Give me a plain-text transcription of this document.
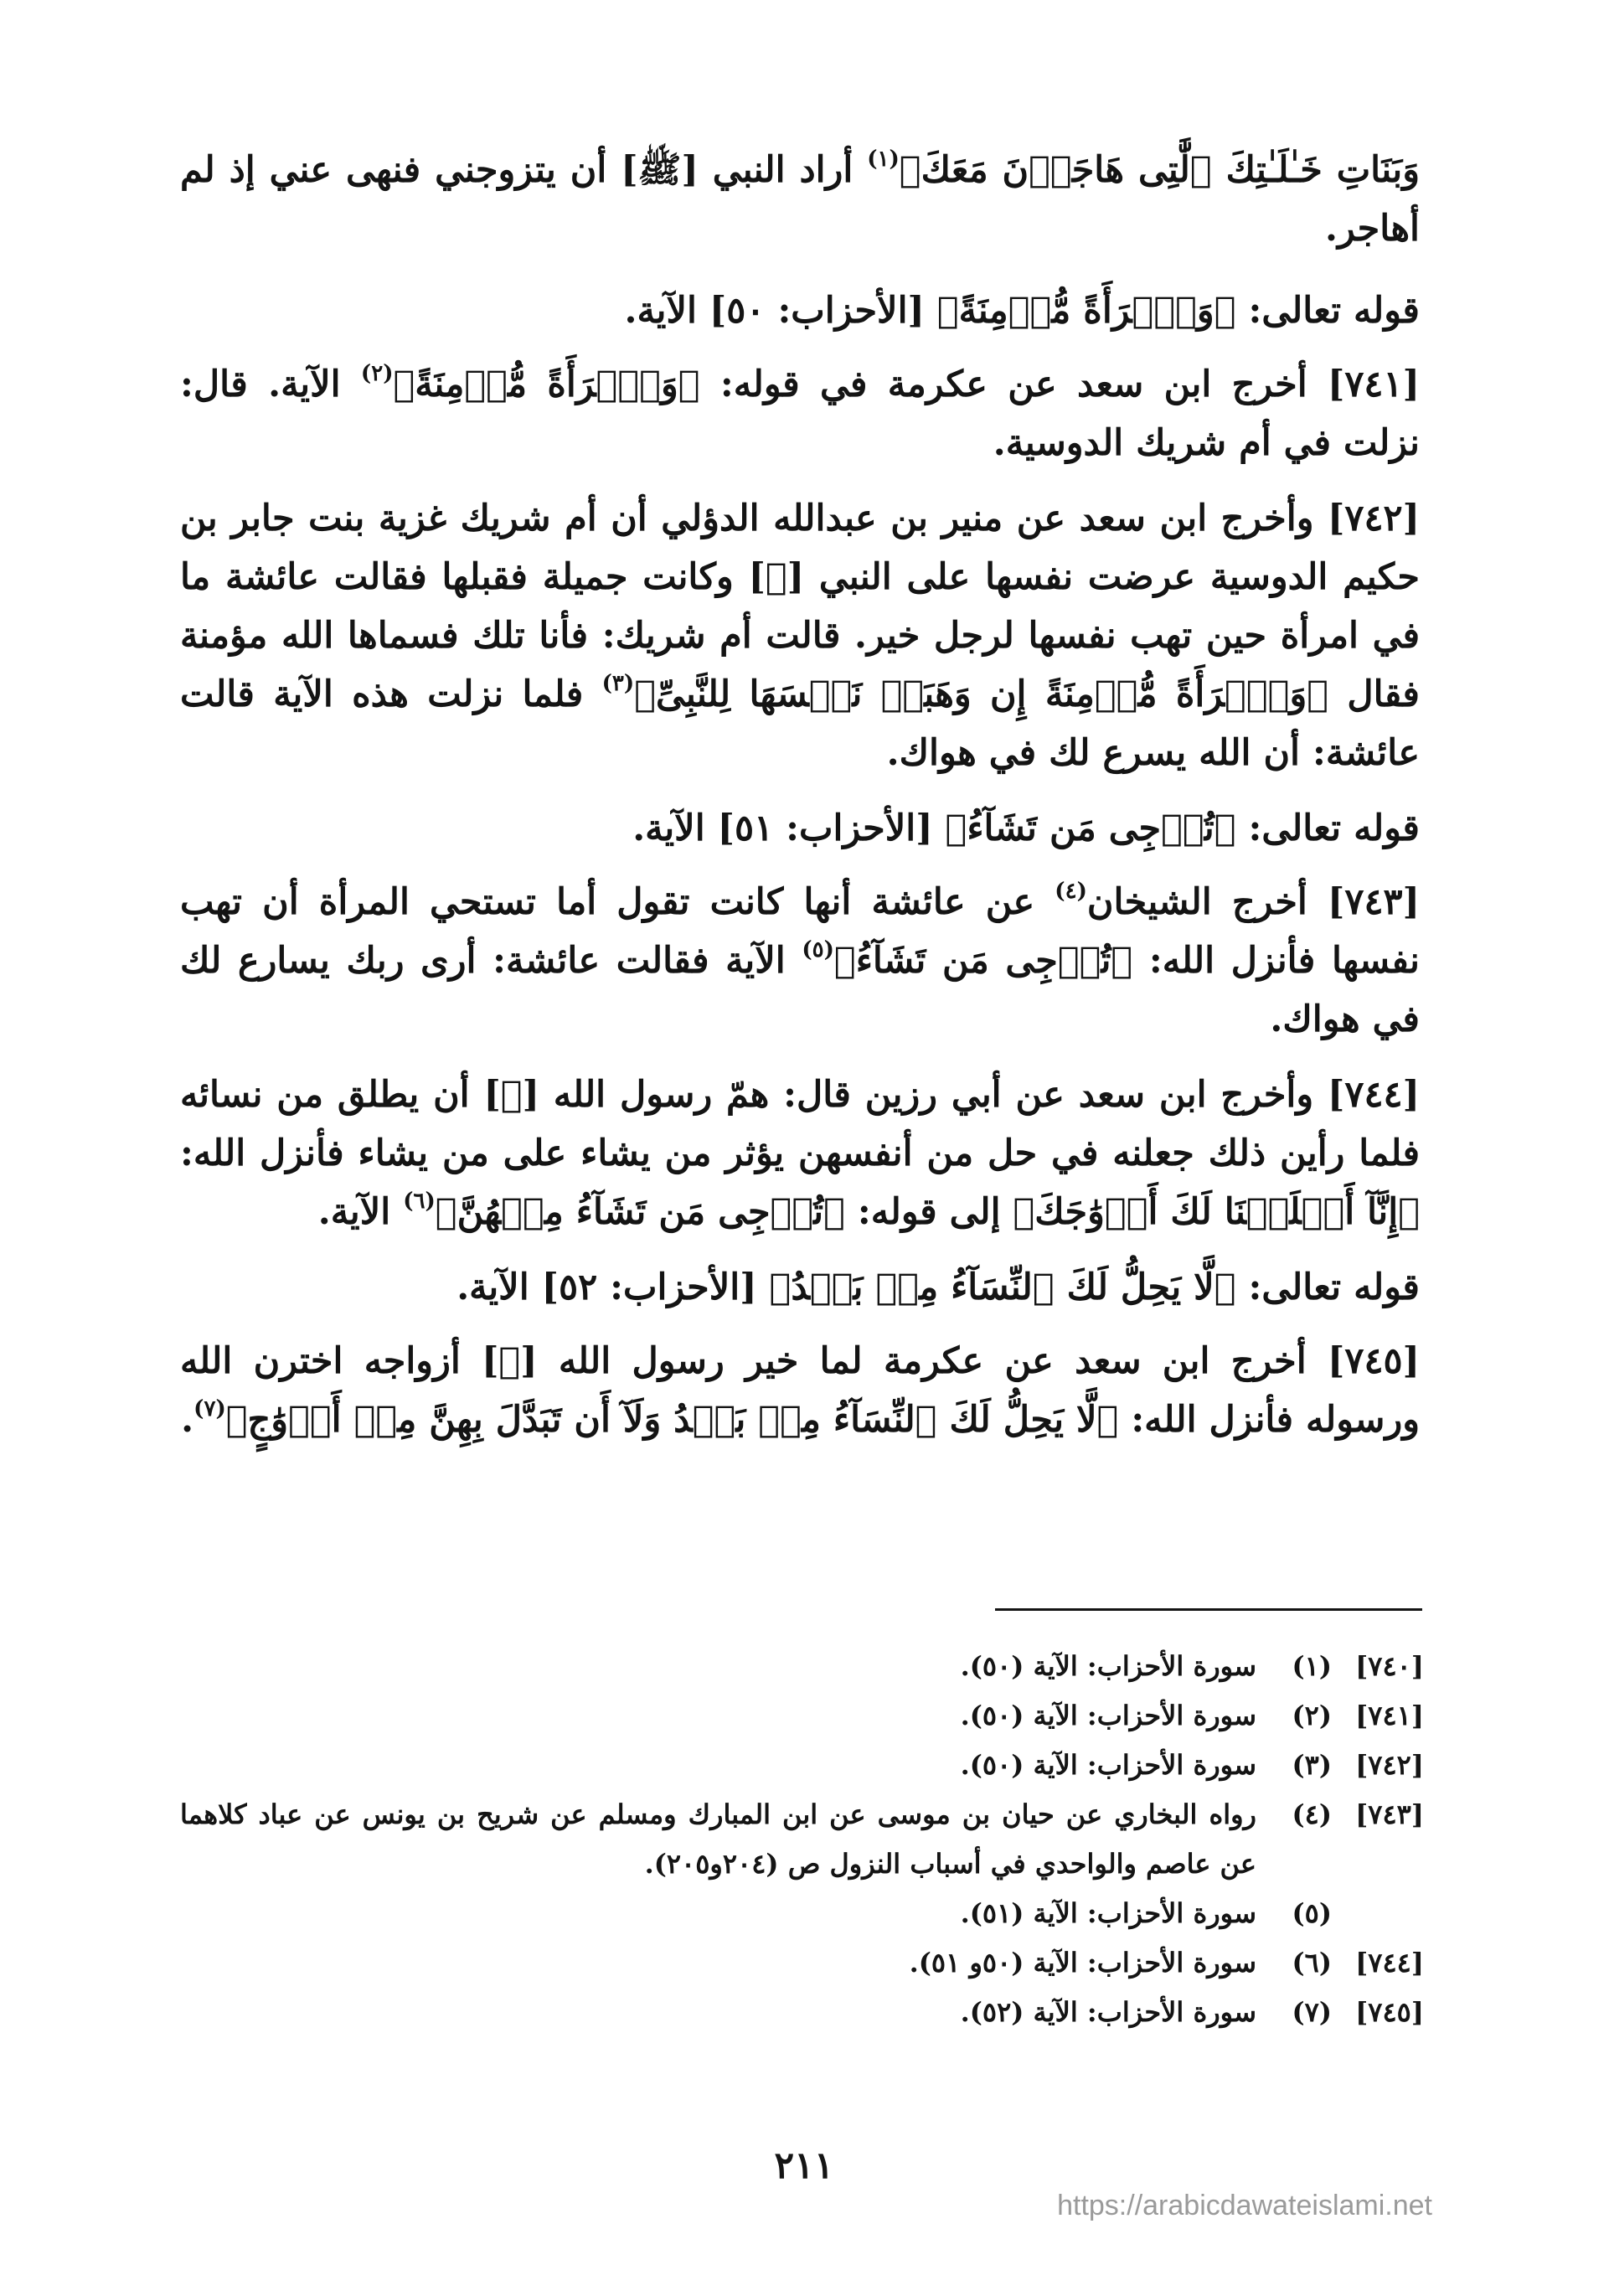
وَبَنَاتِ خَـٰلَـٰتِكَ ٱلَّٰتِى هَاجَرۡنَ مَعَكَ﴾$^{(١)}$ أراد النبي [ﷺ] أن يتزوجني فنهى عني إذ لم أهاجر.

قوله تعالى: ﴿وَٱمۡرَأَةً مُّؤۡمِنَةً﴾ [الأحزاب: ٥٠] الآية.

[٧٤١] أخرج ابن سعد عن عكرمة في قوله: ﴿وَٱمۡرَأَةً مُّؤۡمِنَةً﴾$^{(٢)}$ الآية. قال: نزلت في أم شريك الدوسية.

[٧٤٢] وأخرج ابن سعد عن منير بن عبدالله الدؤلي أن أم شريك غزية بنت جابر بن حكيم الدوسية عرضت نفسها على النبي [ﷺ] وكانت جميلة فقبلها فقالت عائشة ما في امرأة حين تهب نفسها لرجل خير. قالت أم شريك: فأنا تلك فسماها الله مؤمنة فقال ﴿وَٱمۡرَأَةً مُّؤۡمِنَةً إِن وَهَبَتۡ نَفۡسَهَا لِلنَّبِىِّ﴾$^{(٣)}$ فلما نزلت هذه الآية قالت عائشة: أن الله يسرع لك في هواك.

قوله تعالى: ﴿تُرۡجِى مَن تَشَآءُ﴾ [الأحزاب: ٥١] الآية.

[٧٤٣] أخرج الشيخان$^{(٤)}$ عن عائشة أنها كانت تقول أما تستحي المرأة أن تهب نفسها فأنزل الله: ﴿تُرۡجِى مَن تَشَآءُ﴾$^{(٥)}$ الآية فقالت عائشة: أرى ربك يسارع لك في هواك.

[٧٤٤] وأخرج ابن سعد عن أبي رزين قال: همّ رسول الله [ﷺ] أن يطلق من نسائه فلما رأين ذلك جعلنه في حل من أنفسهن يؤثر من يشاء على من يشاء فأنزل الله: ﴿إِنَّآ أَحۡلَلۡنَا لَكَ أَزۡوَٰجَكَ﴾ إلى قوله: ﴿تُرۡجِى مَن تَشَآءُ مِنۡهُنَّ﴾$^{(٦)}$ الآية.

قوله تعالى: ﴿لَّا يَحِلُّ لَكَ ٱلنِّسَآءُ مِنۢ بَعۡدُ﴾ [الأحزاب: ٥٢] الآية.

[٧٤٥] أخرج ابن سعد عن عكرمة لما خير رسول الله [ﷺ] أزواجه اخترن الله ورسوله فأنزل الله: ﴿لَّا يَحِلُّ لَكَ ٱلنِّسَآءُ مِنۢ بَعۡدُ وَلَآ أَن تَبَدَّلَ بِهِنَّ مِنۡ أَزۡوَٰجٍ﴾$^{(٧)}$.

[٧٤٠]
(١)
سورة الأحزاب: الآية (٥٠).
[٧٤١]
(٢)
سورة الأحزاب: الآية (٥٠).
[٧٤٢]
(٣)
سورة الأحزاب: الآية (٥٠).
[٧٤٣]
(٤)
رواه البخاري عن حيان بن موسى عن ابن المبارك ومسلم عن شريح بن يونس عن عباد كلاهما عن عاصم والواحدي في أسباب النزول ص (٢٠٤و٢٠٥).
(٥)
سورة الأحزاب: الآية (٥١).
[٧٤٤]
(٦)
سورة الأحزاب: الآية (٥٠و ٥١).
[٧٤٥]
(٧)
سورة الأحزاب: الآية (٥٢).
٢١١
https://arabicdawateislami.net
